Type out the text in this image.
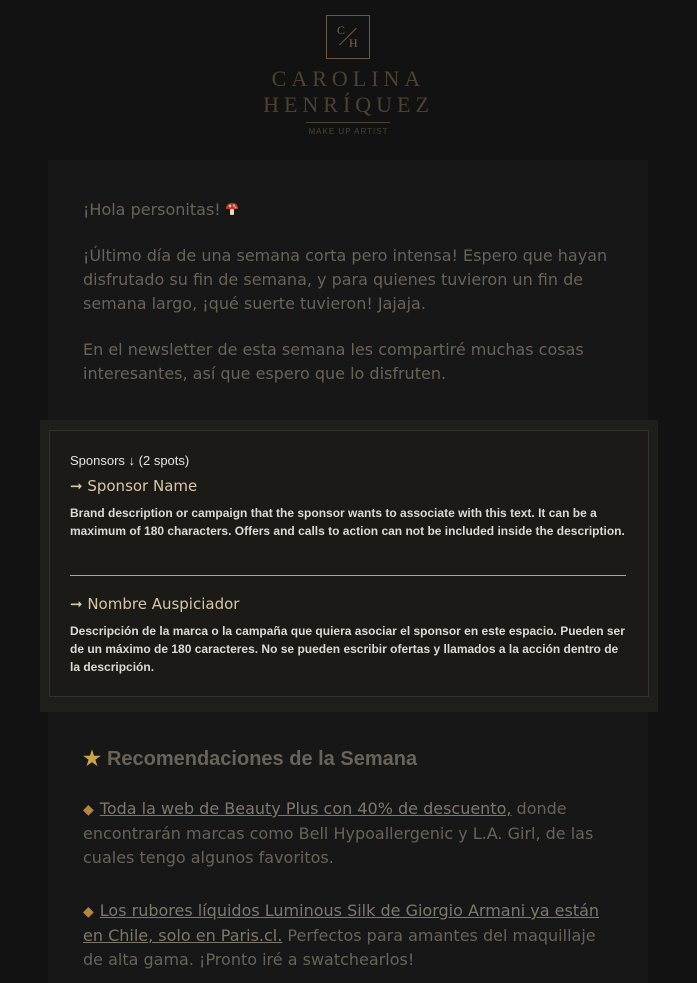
C
H
CAROLINA
HENRÍQUEZ
MAKE UP ARTIST

¡Hola personitas!

¡Último día de una semana corta pero intensa! Espero que hayan disfrutado su fin de semana, y para quienes tuvieron un fin de semana largo, ¡qué suerte tuvieron! Jajaja.

En el newsletter de esta semana les compartiré muchas cosas interesantes, así que espero que lo disfruten.

Sponsors ↓ (2 spots)
➞ Sponsor Name

Brand description or campaign that the sponsor wants to associate with this text. It can be a maximum of 180 characters. Offers and calls to action can not be included inside the description.

➞ Nombre Auspiciador

Descripción de la marca o la campaña que quiera asociar el sponsor en este espacio. Pueden ser de un máximo de 180 caracteres. No se pueden escribir ofertas y llamados a la acción dentro de la descripción.

★ Recomendaciones de la Semana

◆ Toda la web de Beauty Plus con 40% de descuento, donde encontrarán marcas como Bell Hypoallergenic y L.A. Girl, de las cuales tengo algunos favoritos.

◆ Los rubores líquidos Luminous Silk de Giorgio Armani ya están en Chile, solo en Paris.cl. Perfectos para amantes del maquillaje de alta gama. ¡Pronto iré a swatchearlos!
